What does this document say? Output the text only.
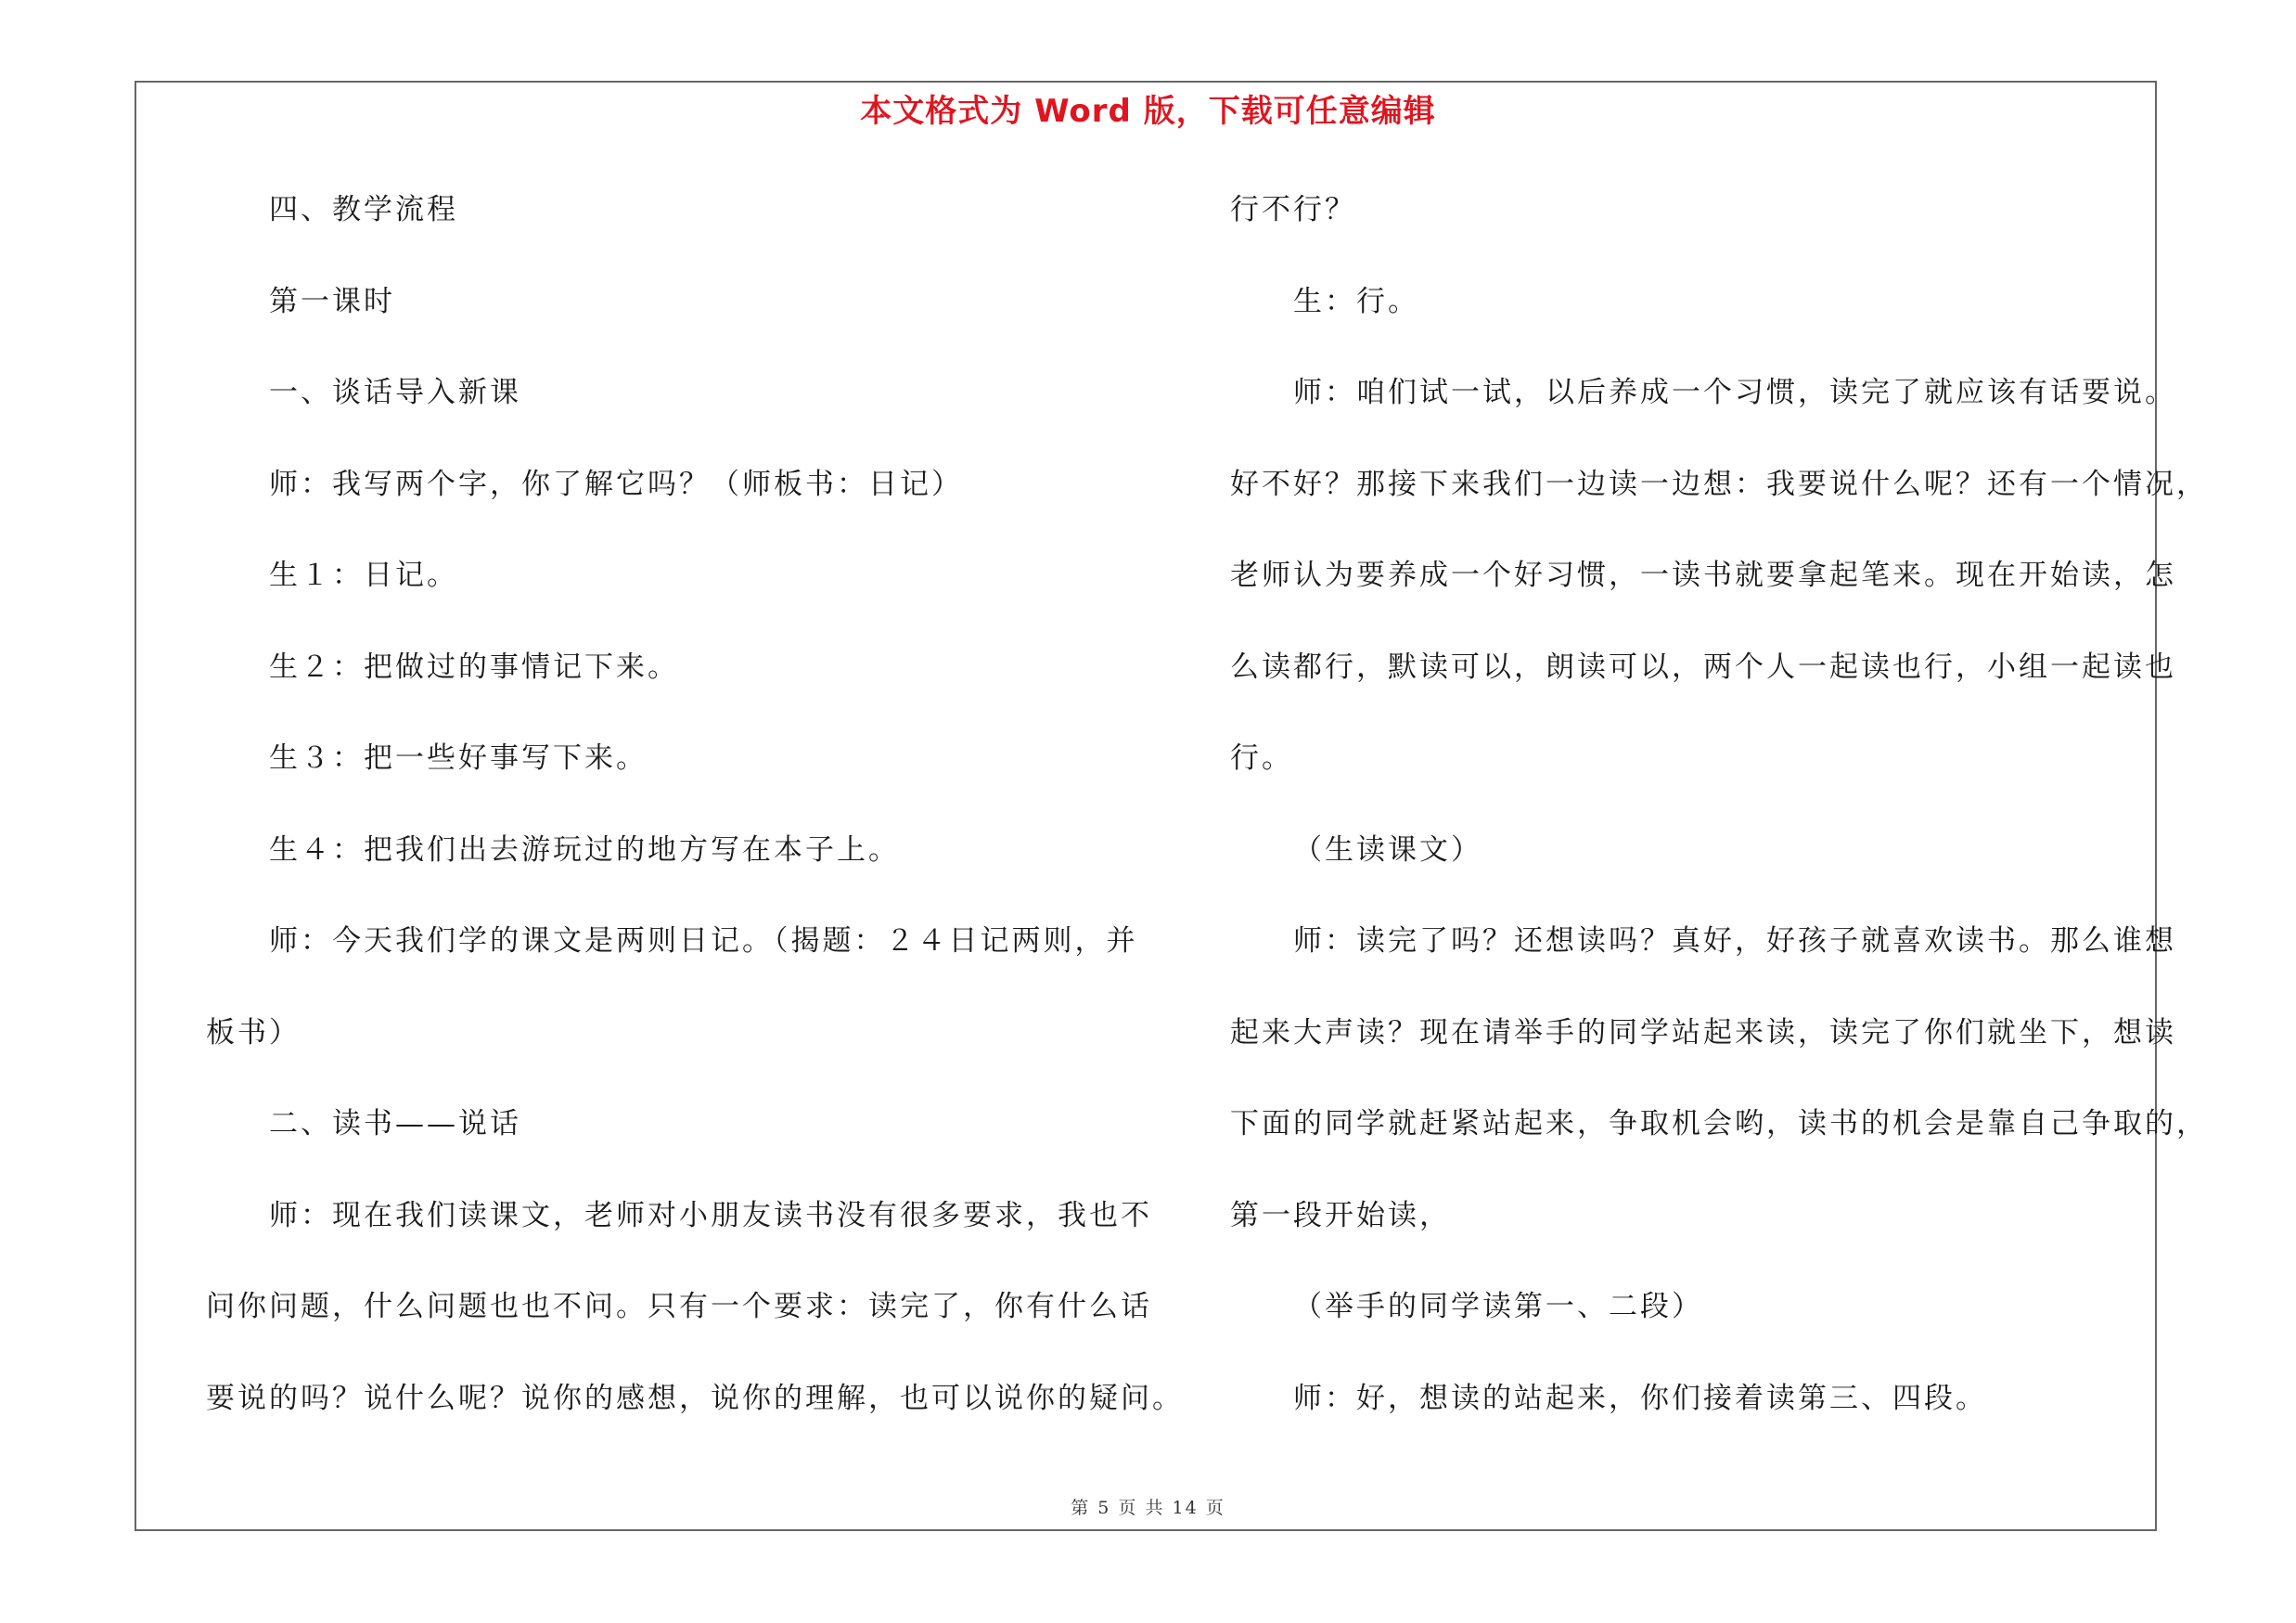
本文格式为 Word 版，下载可任意编辑
四、教学流程
第一课时
一、谈话导入新课
师：我写两个字，你了解它吗？（师板书：日记）
生１：日记。
生２：把做过的事情记下来。
生３：把一些好事写下来。
生４：把我们出去游玩过的地方写在本子上。
师：今天我们学的课文是两则日记。（揭题：２４日记两则，并
板书）
二、读书——说话
师：现在我们读课文，老师对小朋友读书没有很多要求，我也不
问你问题，什么问题也也不问。只有一个要求：读完了，你有什么话
要说的吗？说什么呢？说你的感想，说你的理解，也可以说你的疑问。
行不行？
生：行。
师：咱们试一试，以后养成一个习惯，读完了就应该有话要说。
好不好？那接下来我们一边读一边想：我要说什么呢？还有一个情况，
老师认为要养成一个好习惯，一读书就要拿起笔来。现在开始读，怎
么读都行，默读可以，朗读可以，两个人一起读也行，小组一起读也
行。
（生读课文）
师：读完了吗？还想读吗？真好，好孩子就喜欢读书。那么谁想
起来大声读？现在请举手的同学站起来读，读完了你们就坐下，想读
下面的同学就赶紧站起来，争取机会哟，读书的机会是靠自己争取的，
第一段开始读，
（举手的同学读第一、二段）
师：好，想读的站起来，你们接着读第三、四段。
第 5 页 共 14 页
